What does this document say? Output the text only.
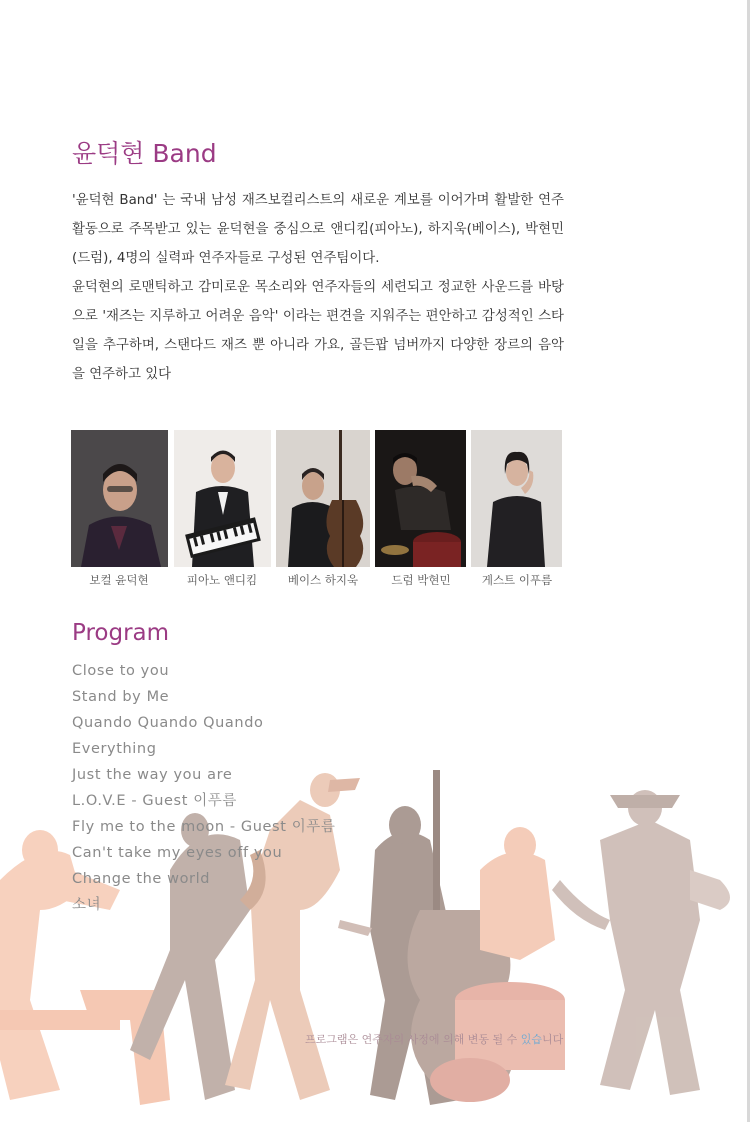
윤덕현 Band

'윤덕현 Band' 는 국내 남성 재즈보컬리스트의 새로운 계보를 이어가며 활발한 연주활동으로 주목받고 있는 윤덕현을 중심으로 앤디킴(피아노), 하지욱(베이스), 박현민(드럼), 4명의 실력파 연주자들로 구성된 연주팀이다.

윤덕현의 로맨틱하고 감미로운 목소리와 연주자들의 세련되고 정교한 사운드를 바탕으로 '재즈는 지루하고 어려운 음악' 이라는 편견을 지워주는 편안하고 감성적인 스타일을 추구하며, 스탠다드 재즈 뿐 아니라 가요, 골든팝 넘버까지 다양한 장르의 음악을 연주하고 있다

보컬 윤덕현	피아노 앤디킴	베이스 하지욱	드럼 박현민	게스트 이푸름
Program
Close to you
Stand by Me
Quando Quando Quando
Everything
Just the way you are
L.O.V.E - Guest 이푸름
Fly me to the moon - Guest 이푸름
Can't take my eyes off you
Change the world
소녀
프로그램은 연주자의 사정에 의해 변동 될 수 있습니다
